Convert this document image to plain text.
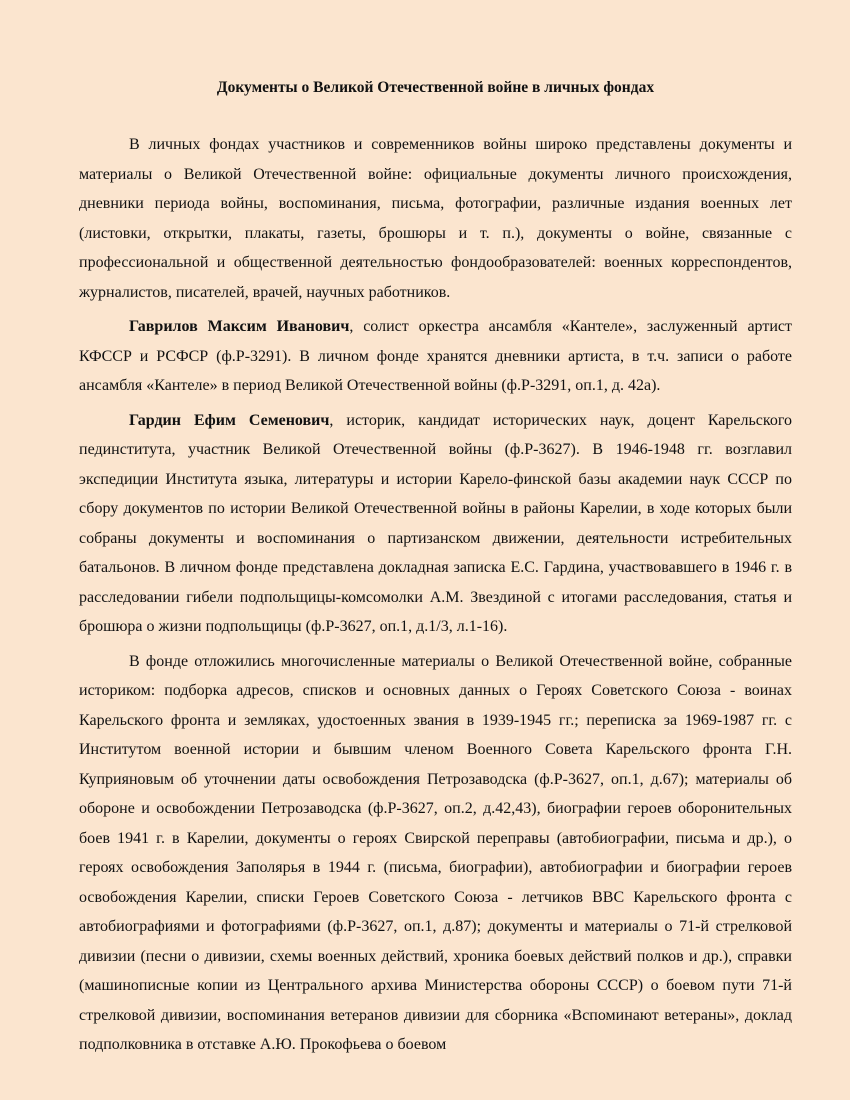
Документы о Великой Отечественной войне в личных фондах

В личных фондах участников и современников войны широко представлены документы и материалы о Великой Отечественной войне: официальные документы личного происхождения, дневники периода войны, воспоминания, письма, фотографии, различные издания военных лет (листовки, открытки, плакаты, газеты, брошюры и т. п.), документы о войне, связанные с профессиональной и общественной деятельностью фондообразователей: военных корреспондентов, журналистов, писателей, врачей, научных работников.

Гаврилов Максим Иванович, солист оркестра ансамбля «Кантеле», заслуженный артист КФССР и РСФСР (ф.Р-3291). В личном фонде хранятся дневники артиста, в т.ч. записи о работе ансамбля «Кантеле» в период Великой Отечественной войны (ф.Р-3291, оп.1, д. 42а).

Гардин Ефим Семенович, историк, кандидат исторических наук, доцент Карельского пединститута, участник Великой Отечественной войны (ф.Р-3627). В 1946-1948 гг. возглавил экспедиции Института языка, литературы и истории Карело-финской базы академии наук СССР по сбору документов по истории Великой Отечественной войны в районы Карелии, в ходе которых были собраны документы и воспоминания о партизанском движении, деятельности истребительных батальонов. В личном фонде представлена докладная записка Е.С. Гардина, участвовавшего в 1946 г. в расследовании гибели подпольщицы-комсомолки А.М. Звездиной с итогами расследования, статья и брошюра о жизни подпольщицы (ф.Р-3627, оп.1, д.1/3, л.1-16).

В фонде отложились многочисленные материалы о Великой Отечественной войне, собранные историком: подборка адресов, списков и основных данных о Героях Советского Союза - воинах Карельского фронта и земляках, удостоенных звания в 1939-1945 гг.; переписка за 1969-1987 гг. с Институтом военной истории и бывшим членом Военного Совета Карельского фронта Г.Н. Куприяновым об уточнении даты освобождения Петрозаводска (ф.Р-3627, оп.1, д.67); материалы об обороне и освобождении Петрозаводска (ф.Р-3627, оп.2, д.42,43), биографии героев оборонительных боев 1941 г. в Карелии, документы о героях Свирской переправы (автобиографии, письма и др.), о героях освобождения Заполярья в 1944 г. (письма, биографии), автобиографии и биографии героев освобождения Карелии, списки Героев Советского Союза - летчиков ВВС Карельского фронта с автобиографиями и фотографиями (ф.Р-3627, оп.1, д.87); документы и материалы о 71-й стрелковой дивизии (песни о дивизии, схемы военных действий, хроника боевых действий полков и др.), справки (машинописные копии из Центрального архива Министерства обороны СССР) о боевом пути 71-й стрелковой дивизии, воспоминания ветеранов дивизии для сборника «Вспоминают ветераны», доклад подполковника в отставке А.Ю. Прокофьева о боевом
